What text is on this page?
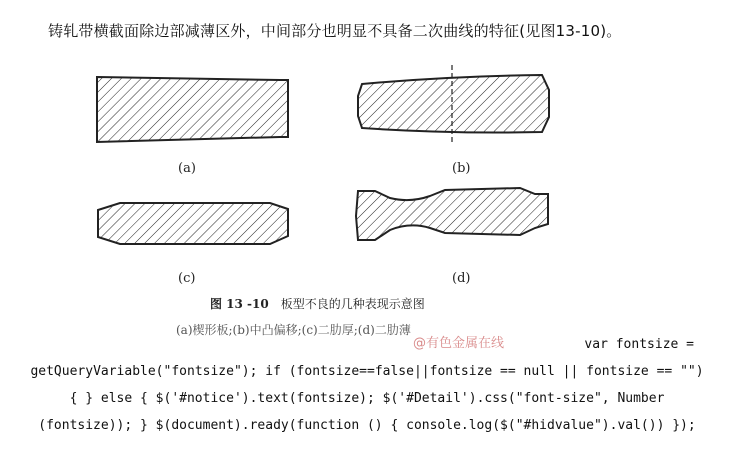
铸轧带横截面除边部减薄区外，中间部分也明显不具备二次曲线的特征(见图13-10)。
(a)	(b)
(c)	(d)
图 13 -10 板型不良的几种表现示意图
(a)楔形板;(b)中凸偏移;(c)二肋厚;(d)二肋薄
var fontsize =
getQueryVariable("fontsize"); if (fontsize==false||fontsize == null || fontsize == "")
{ } else { $('#notice').text(fontsize); $('#Detail').css("font-size", Number
(fontsize)); } $(document).ready(function () { console.log($("#hidvalue").val()) });
@有色金属在线
